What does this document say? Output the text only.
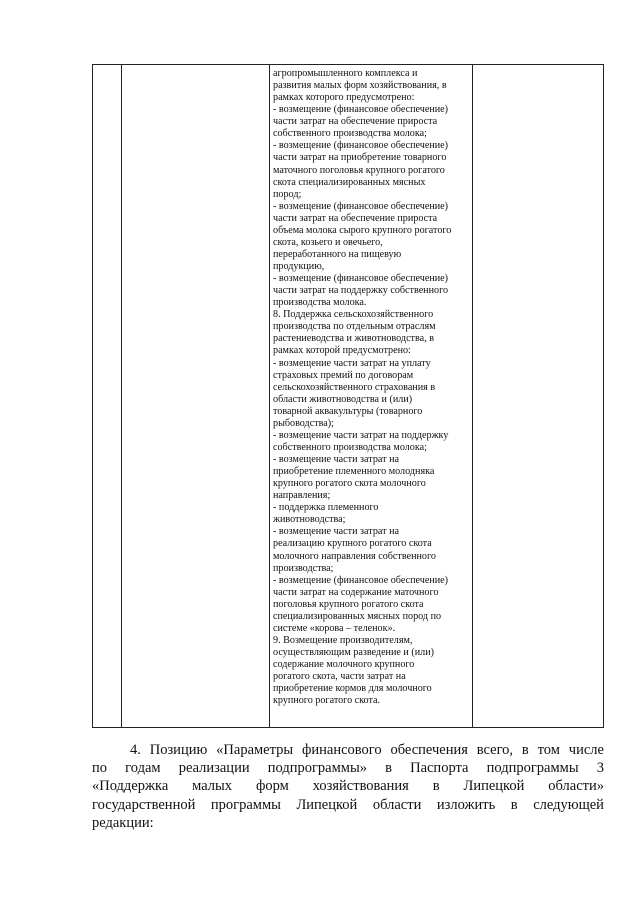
агропромышленного комплекса и
развития малых форм хозяйствования, в
рамках которого предусмотрено:
- возмещение (финансовое обеспечение)
части затрат на обеспечение прироста
собственного производства молока;
- возмещение (финансовое обеспечение)
части затрат на приобретение товарного
маточного поголовья крупного рогатого
скота специализированных мясных
пород;
- возмещение (финансовое обеспечение)
части затрат на обеспечение прироста
объема молока сырого крупного рогатого
скота, козьего и овечьего,
переработанного на пищевую
продукцию,
- возмещение (финансовое обеспечение)
части затрат на поддержку собственного
производства молока.
8. Поддержка сельскохозяйственного
производства по отдельным отраслям
растениеводства и животноводства, в
рамках которой предусмотрено:
- возмещение части затрат на уплату
страховых премий по договорам
сельскохозяйственного страхования в
области животноводства и (или)
товарной аквакультуры (товарного
рыбоводства);
- возмещение части затрат на поддержку
собственного производства молока;
- возмещение части затрат на
приобретение племенного молодняка
крупного рогатого скота молочного
направления;
- поддержка племенного
животноводства;
- возмещение части затрат на
реализацию крупного рогатого скота
молочного направления собственного
производства;
- возмещение (финансовое обеспечение)
части затрат на содержание маточного
поголовья крупного рогатого скота
специализированных мясных пород по
системе «корова – теленок».
9. Возмещение производителям,
осуществляющим разведение и (или)
содержание молочного крупного
рогатого скота, части затрат на
приобретение кормов для молочного
крупного рогатого скота.
4. Позицию «Параметры финансового обеспечения всего, в том числе
по годам реализации подпрограммы» в Паспорта подпрограммы 3
«Поддержка малых форм хозяйствования в Липецкой области»
государственной программы Липецкой области изложить в следующей
редакции:
